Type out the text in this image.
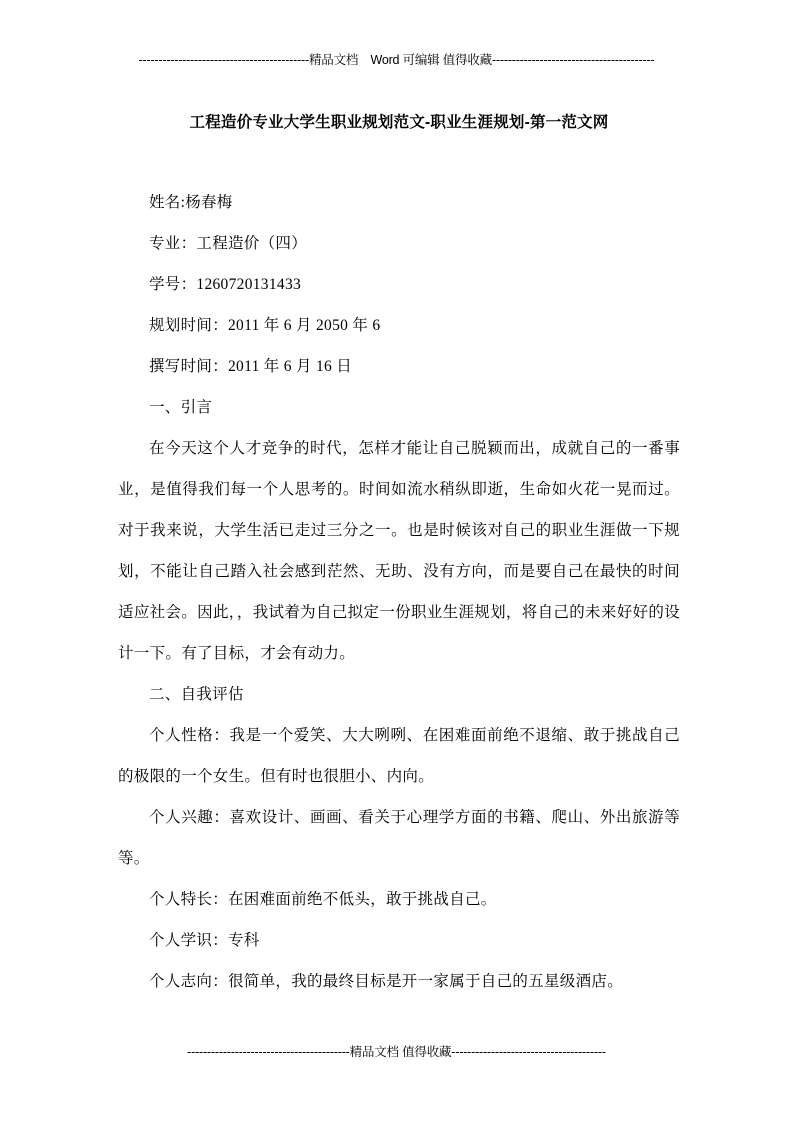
-------------------------------------------精品文档　Word 可编辑 值得收藏-----------------------------------------

工程造价专业大学生职业规划范文-职业生涯规划-第一范文网

姓名:杨春梅

专业：工程造价（四）

学号：1260720131433

规划时间：2011 年 6 月 2050 年 6

撰写时间：2011 年 6 月 16 日

一、引言

在今天这个人才竞争的时代，怎样才能让自己脱颖而出，成就自己的一番事业，是值得我们每一个人思考的。时间如流水稍纵即逝，生命如火花一晃而过。对于我来说，大学生活已走过三分之一。也是时候该对自己的职业生涯做一下规划，不能让自己踏入社会感到茫然、无助、没有方向，而是要自己在最快的时间适应社会。因此，，我试着为自己拟定一份职业生涯规划，将自己的未来好好的设计一下。有了目标，才会有动力。

二、自我评估

个人性格：我是一个爱笑、大大咧咧、在困难面前绝不退缩、敢于挑战自己的极限的一个女生。但有时也很胆小、内向。

个人兴趣：喜欢设计、画画、看关于心理学方面的书籍、爬山、外出旅游等等。

个人特长：在困难面前绝不低头，敢于挑战自己。

个人学识：专科

个人志向：很简单，我的最终目标是开一家属于自己的五星级酒店。

-----------------------------------------精品文档 值得收藏---------------------------------------
